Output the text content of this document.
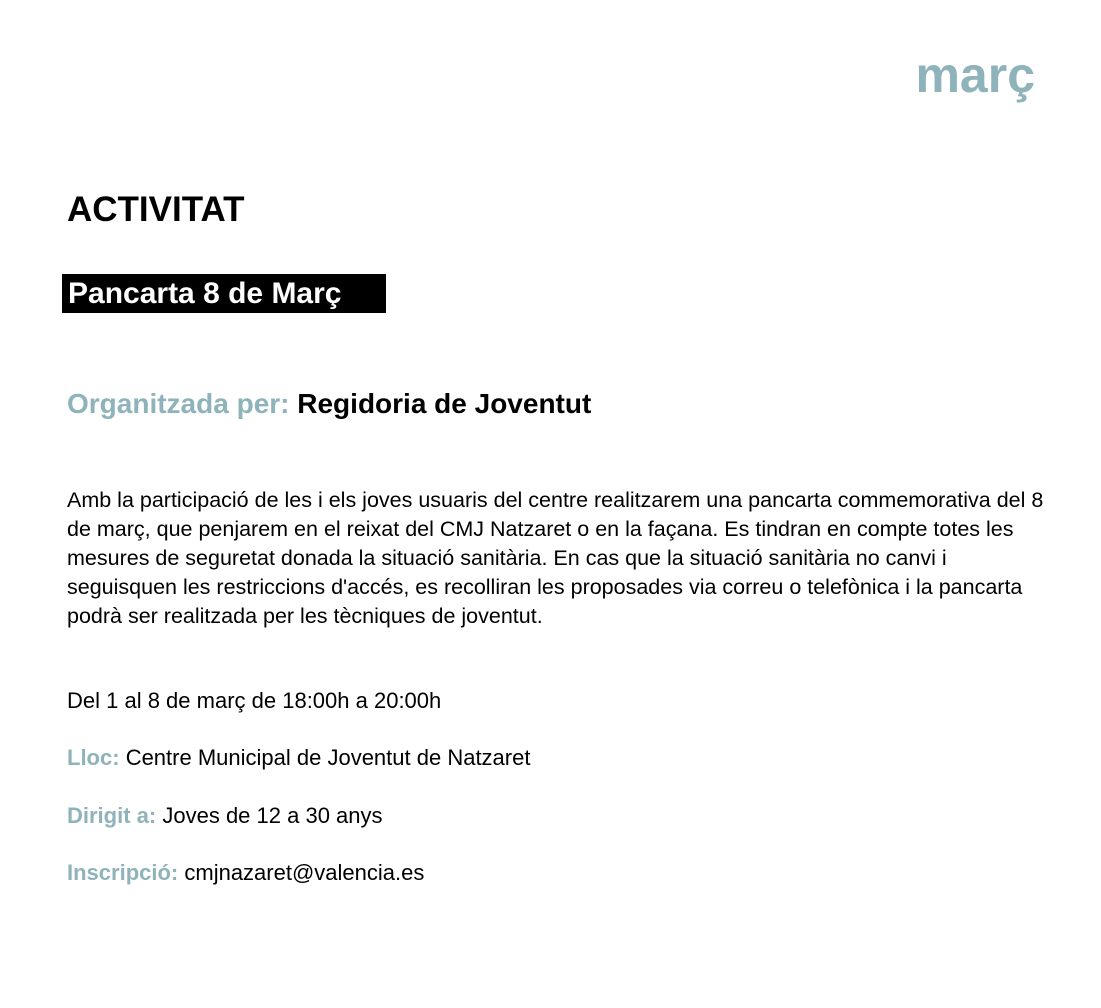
març
ACTIVITAT
Pancarta 8 de Març
Organitzada per: Regidoria de Joventut

Amb la participació de les i els joves usuaris del centre realitzarem una pancarta commemorativa del 8 de març, que penjarem en el reixat del CMJ Natzaret o en la façana. Es tindran en compte totes les mesures de seguretat donada la situació sanitària. En cas que la situació sanitària no canvi i seguisquen les restriccions d'accés, es recolliran les proposades via correu o telefònica i la pancarta podrà ser realitzada per les tècniques de joventut.

Del 1 al 8 de març de 18:00h a 20:00h
Lloc: Centre Municipal de Joventut de Natzaret
Dirigit a: Joves de 12 a 30 anys
Inscripció: cmjnazaret@valencia.es
